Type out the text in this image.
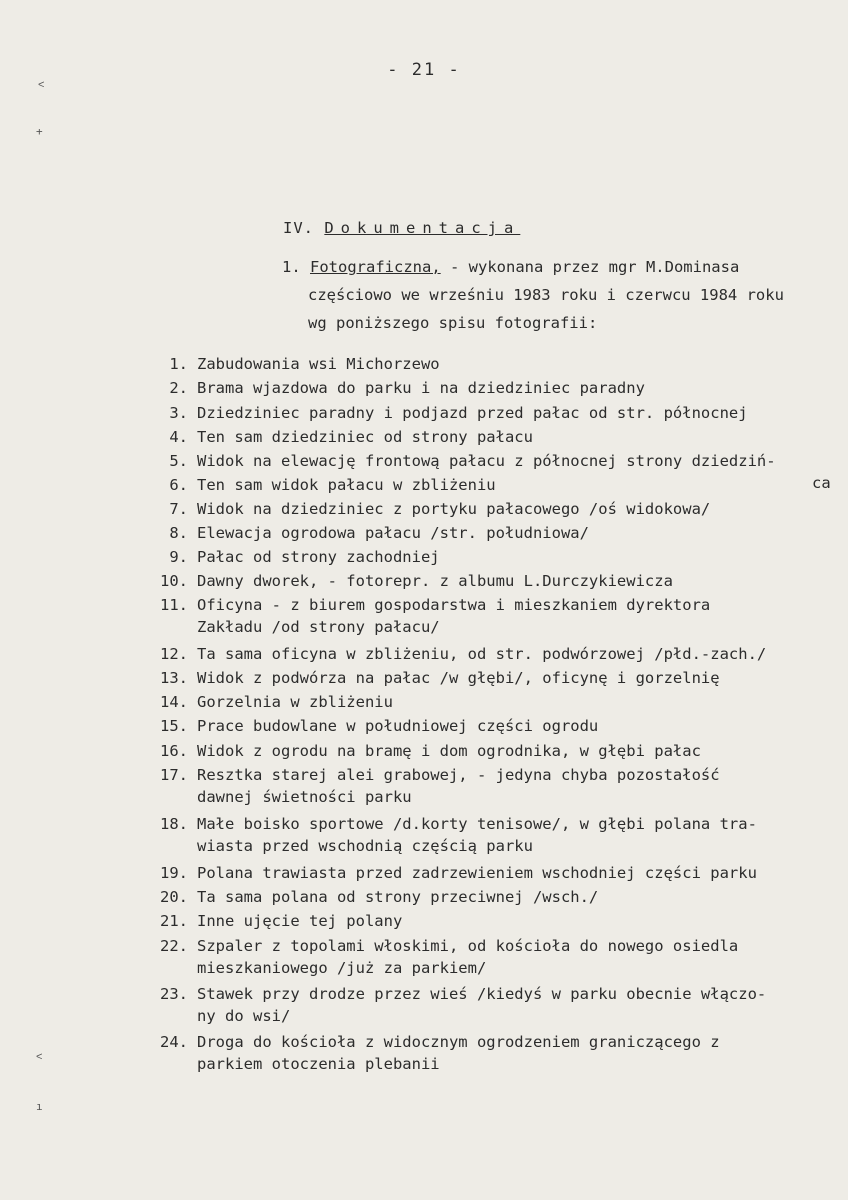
- 21 -
IV. Dokumentacja
1. Fotograficzna, - wykonana przez mgr M.Dominasa
częściowo we wrześniu 1983 roku i czerwcu 1984 roku
wg poniższego spisu fotografii:
1. Zabudowania wsi Michorzewo
2. Brama wjazdowa do parku i na dziedziniec paradny
3. Dziedziniec paradny i podjazd przed pałac od str. północnej
4. Ten sam dziedziniec od strony pałacu
5. Widok na elewację frontową pałacu z północnej strony dziedziń-
6. Ten sam widok pałacu w zbliżeniu
7. Widok na dziedziniec z portyku pałacowego /oś widokowa/
8. Elewacja ogrodowa pałacu /str. południowa/
9. Pałac od strony zachodniej
10. Dawny dworek, - fotorepr. z albumu L.Durczykiewicza
11. Oficyna - z biurem gospodarstwa i mieszkaniem dyrektora
Zakładu /od strony pałacu/
12. Ta sama oficyna w zbliżeniu, od str. podwórzowej /płd.-zach./
13. Widok z podwórza na pałac /w głębi/, oficynę i gorzelnię
14. Gorzelnia w zbliżeniu
15. Prace budowlane w południowej części ogrodu
16. Widok z ogrodu na bramę i dom ogrodnika, w głębi pałac
17. Resztka starej alei grabowej, - jedyna chyba pozostałość
dawnej świetności parku
18. Małe boisko sportowe /d.korty tenisowe/, w głębi polana tra-
wiasta przed wschodnią częścią parku
19. Polana trawiasta przed zadrzewieniem wschodniej części parku
20. Ta sama polana od strony przeciwnej /wsch./
21. Inne ujęcie tej polany
22. Szpaler z topolami włoskimi, od kościoła do nowego osiedla
mieszkaniowego /już za parkiem/
23. Stawek przy drodze przez wieś /kiedyś w parku obecnie włączo-
ny do wsi/
24. Droga do kościoła z widocznym ogrodzeniem graniczącego z
parkiem otoczenia plebanii
ca
˂
+
˂
ı
